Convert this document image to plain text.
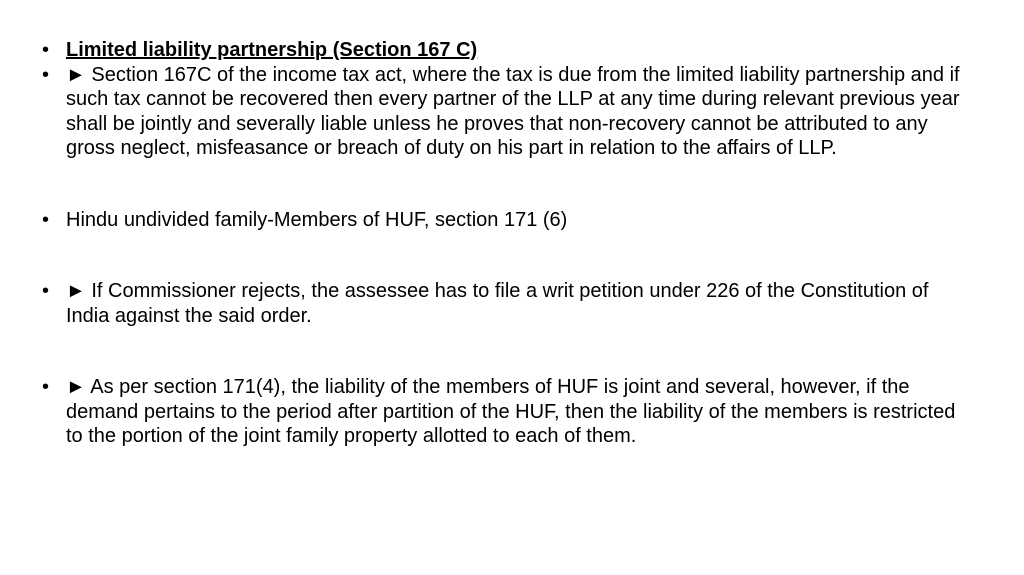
• Limited liability partnership (Section 167 C)
• ► Section 167C of the income tax act, where the tax is due from the limited liability partnership and if such tax cannot be recovered then every partner of the LLP at any time during relevant previous year shall be jointly and severally liable unless he proves that non-recovery cannot be attributed to any gross neglect, misfeasance or breach of duty on his part in relation to the affairs of LLP.
• Hindu undivided family-Members of HUF, section 171 (6)
• ► If Commissioner rejects, the assessee has to file a writ petition under 226 of the Constitution of India against the said order.
• ► As per section 171(4), the liability of the members of HUF is joint and several, however, if the demand pertains to the period after partition of the HUF, then the liability of the members is restricted to the portion of the joint family property allotted to each of them.
